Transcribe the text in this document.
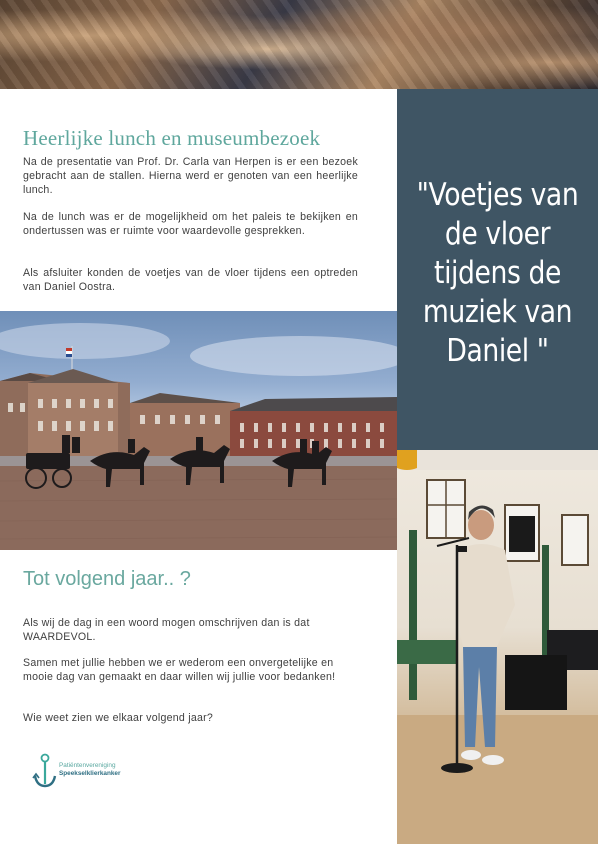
Heerlijke lunch en museumbezoek

Na de presentatie van Prof. Dr. Carla van Herpen is er een bezoek gebracht aan de stallen. Hierna werd er genoten van een heerlijke lunch.

Na de lunch was er de mogelijkheid om het paleis te bekijken en ondertussen was er ruimte voor waardevolle gesprekken.

Als afsluiter konden de voetjes van de vloer tijdens een optreden van Daniel Oostra.

"Voetjes van de vloer tijdens de muziek van Daniel "

Tot volgend jaar.. ?

Als wij de dag in een woord mogen omschrijven dan is dat WAARDEVOL.

Samen met jullie hebben we er wederom een onvergetelijke en mooie dag van gemaakt en daar willen wij jullie voor bedanken!

Wie weet zien we elkaar volgend jaar?

Patiëntenvereniging
Speekselklierkanker
